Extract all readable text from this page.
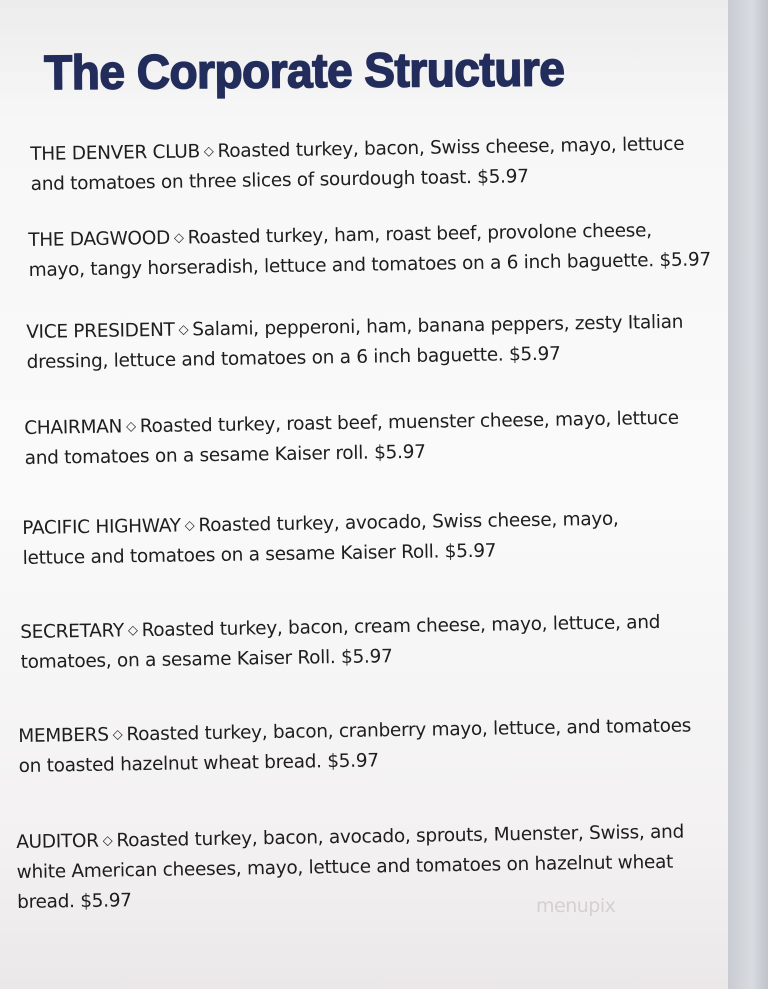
The Corporate Structure
THE DENVER CLUB ◇ Roasted turkey, bacon, Swiss cheese, mayo, lettuce
and tomatoes on three slices of sourdough toast. $5.97
THE DAGWOOD ◇ Roasted turkey, ham, roast beef, provolone cheese,
mayo, tangy horseradish, lettuce and tomatoes on a 6 inch baguette. $5.97
VICE PRESIDENT ◇ Salami, pepperoni, ham, banana peppers, zesty Italian
dressing, lettuce and tomatoes on a 6 inch baguette. $5.97
CHAIRMAN ◇ Roasted turkey, roast beef, muenster cheese, mayo, lettuce
and tomatoes on a sesame Kaiser roll. $5.97
PACIFIC HIGHWAY ◇ Roasted turkey, avocado, Swiss cheese, mayo,
lettuce and tomatoes on a sesame Kaiser Roll. $5.97
SECRETARY ◇ Roasted turkey, bacon, cream cheese, mayo, lettuce, and
tomatoes, on a sesame Kaiser Roll. $5.97
MEMBERS ◇ Roasted turkey, bacon, cranberry mayo, lettuce, and tomatoes
on toasted hazelnut wheat bread. $5.97
AUDITOR ◇ Roasted turkey, bacon, avocado, sprouts, Muenster, Swiss, and
white American cheeses, mayo, lettuce and tomatoes on hazelnut wheat
bread. $5.97	menupix
